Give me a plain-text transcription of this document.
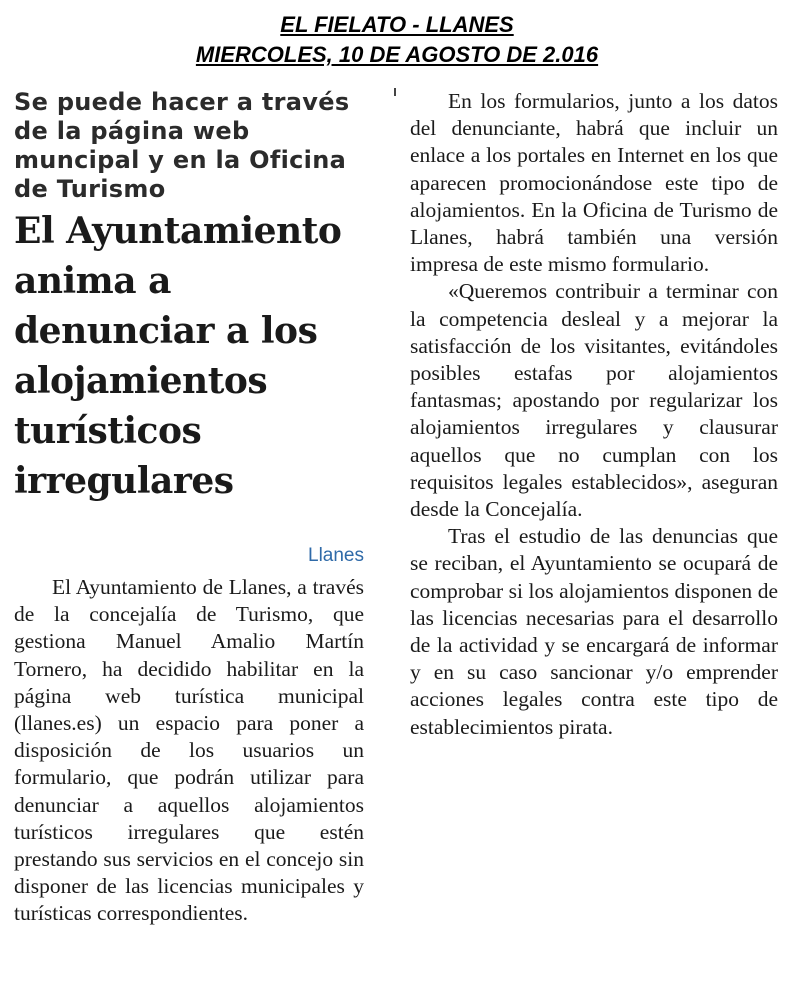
EL FIELATO - LLANES
MIERCOLES, 10 DE AGOSTO DE 2.016
Se puede hacer a través de la página web muncipal y en la Oficina de Turismo
El Ayuntamiento anima a denunciar a los alojamientos turísticos irregulares
Llanes

El Ayuntamiento de Llanes, a través de la concejalía de Turismo, que gestiona Manuel Amalio Martín Tornero, ha decidido habilitar en la página web turística municipal (llanes.es) un espacio para poner a disposición de los usuarios un formulario, que podrán utilizar para denunciar a aquellos alojamientos turísticos irregulares que estén prestando sus servicios en el concejo sin disponer de las licencias municipales y turísticas correspondientes.

En los formularios, junto a los datos del denunciante, habrá que incluir un enlace a los portales en Internet en los que aparecen promocionándose este tipo de alojamientos. En la Oficina de Turismo de Llanes, habrá también una versión impresa de este mismo formulario.

«Queremos contribuir a terminar con la competencia desleal y a mejorar la satisfacción de los visitantes, evitándoles posibles estafas por alojamientos fantasmas; apostando por regularizar los alojamientos irregulares y clausurar aquellos que no cumplan con los requisitos legales establecidos», aseguran desde la Concejalía.

Tras el estudio de las denuncias que se reciban, el Ayuntamiento se ocupará de comprobar si los alojamientos disponen de las licencias necesarias para el desarrollo de la actividad y se encargará de informar y en su caso sancionar y/o emprender acciones legales contra este tipo de establecimientos pirata.
